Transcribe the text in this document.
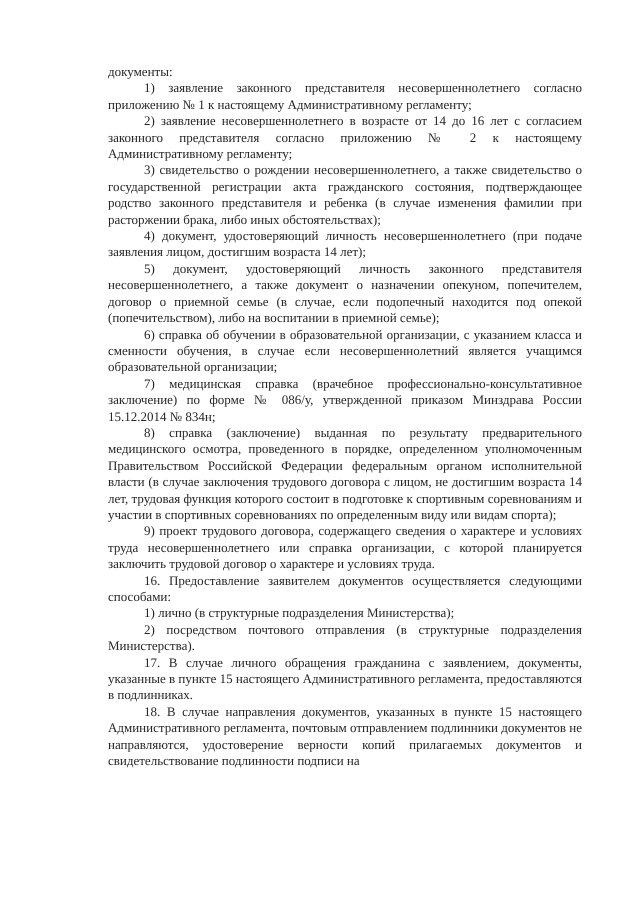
документы:

1) заявление законного представителя несовершеннолетнего согласно приложению № 1 к настоящему Административному регламенту;

2) заявление несовершеннолетнего в возрасте от 14 до 16 лет с согласием законного представителя согласно приложению № 2 к настоящему Административному регламенту;

3) свидетельство о рождении несовершеннолетнего, а также свидетельство о государственной регистрации акта гражданского состояния, подтверждающее родство законного представителя и ребенка (в случае изменения фамилии при расторжении брака, либо иных обстоятельствах);

4) документ, удостоверяющий личность несовершеннолетнего (при подаче заявления лицом, достигшим возраста 14 лет);

5) документ, удостоверяющий личность законного представителя несовершеннолетнего, а также документ о назначении опекуном, попечителем, договор о приемной семье (в случае, если подопечный находится под опекой (попечительством), либо на воспитании в приемной семье);

6) справка об обучении в образовательной организации, с указанием класса и сменности обучения, в случае если несовершеннолетний является учащимся образовательной организации;

7) медицинская справка (врачебное профессионально-консультативное заключение) по форме № 086/у, утвержденной приказом Минздрава России 15.12.2014 № 834н;

8) справка (заключение) выданная по результату предварительного медицинского осмотра, проведенного в порядке, определенном уполномоченным Правительством Российской Федерации федеральным органом исполнительной власти (в случае заключения трудового договора с лицом, не достигшим возраста 14 лет, трудовая функция которого состоит в подготовке к спортивным соревнованиям и участии в спортивных соревнованиях по определенным виду или видам спорта);

9) проект трудового договора, содержащего сведения о характере и условиях труда несовершеннолетнего или справка организации, с которой планируется заключить трудовой договор о характере и условиях труда.

16. Предоставление заявителем документов осуществляется следующими способами:

1) лично (в структурные подразделения Министерства);

2) посредством почтового отправления (в структурные подразделения Министерства).

17. В случае личного обращения гражданина с заявлением, документы, указанные в пункте 15 настоящего Административного регламента, предоставляются в подлинниках.

18. В случае направления документов, указанных в пункте 15 настоящего Административного регламента, почтовым отправлением подлинники документов не направляются, удостоверение верности копий прилагаемых документов и свидетельствование подлинности подписи на
